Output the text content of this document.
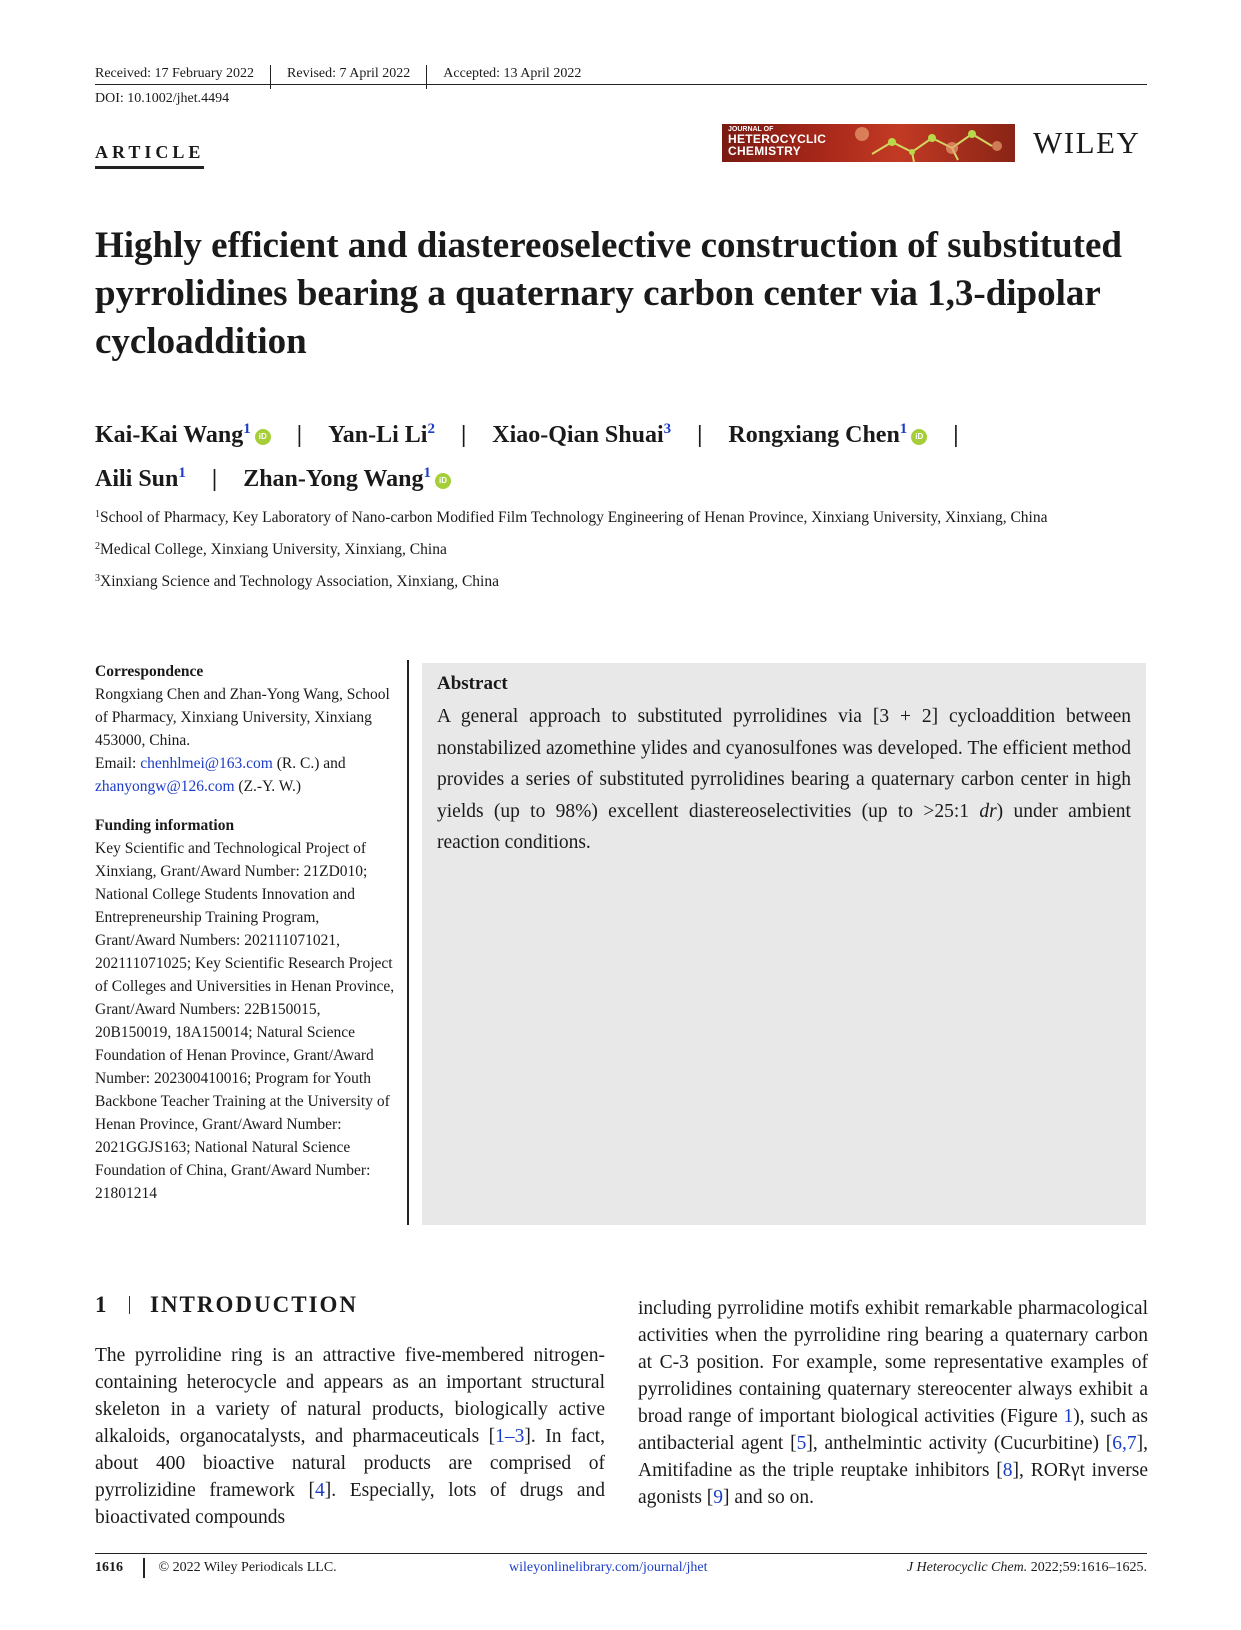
Received: 17 February 2022 Revised: 7 April 2022 Accepted: 13 April 2022
DOI: 10.1002/jhet.4494
ARTICLE
JOURNAL OF
HETEROCYCLIC
CHEMISTRY	WILEY
Highly efficient and diastereoselective construction of substituted pyrrolidines bearing a quaternary carbon center via 1,3-dipolar cycloaddition
Kai-Kai Wang$^1$ iD | Yan-Li Li$^2$ | Xiao-Qian Shuai$^3$ | Rongxiang Chen$^1$ iD |
Aili Sun$^1$ | Zhan-Yong Wang$^1$ iD

$^1$School of Pharmacy, Key Laboratory of Nano-carbon Modified Film Technology Engineering of Henan Province, Xinxiang University, Xinxiang, China

$^2$Medical College, Xinxiang University, Xinxiang, China

$^3$Xinxiang Science and Technology Association, Xinxiang, China

Correspondence
Rongxiang Chen and Zhan-Yong Wang, School of Pharmacy, Xinxiang University, Xinxiang 453000, China.
Email: chenhlmei@163.com (R. C.) and
zhanyongw@126.com (Z.-Y. W.)
Funding information
Key Scientific and Technological Project of Xinxiang, Grant/Award Number: 21ZD010; National College Students Innovation and Entrepreneurship Training Program, Grant/Award Numbers: 202111071021, 202111071025; Key Scientific Research Project of Colleges and Universities in Henan Province, Grant/Award Numbers: 22B150015, 20B150019, 18A150014; Natural Science Foundation of Henan Province, Grant/Award Number: 202300410016; Program for Youth Backbone Teacher Training at the University of Henan Province, Grant/Award Number: 2021GGJS163; National Natural Science Foundation of China, Grant/Award Number: 21801214
Abstract

A general approach to substituted pyrrolidines via [3 + 2] cycloaddition between nonstabilized azomethine ylides and cyanosulfones was developed. The efficient method provides a series of substituted pyrrolidines bearing a quaternary carbon center in high yields (up to 98%) excellent diastereoselectivities (up to >25:1 dr) under ambient reaction conditions.

1 INTRODUCTION

The pyrrolidine ring is an attractive five-membered nitrogen-containing heterocycle and appears as an important structural skeleton in a variety of natural products, biologically active alkaloids, organocatalysts, and pharmaceuticals [1–3]. In fact, about 400 bioactive natural products are comprised of pyrrolizidine framework [4]. Especially, lots of drugs and bioactivated compounds

including pyrrolidine motifs exhibit remarkable pharmacological activities when the pyrrolidine ring bearing a quaternary carbon at C-3 position. For example, some representative examples of pyrrolidines containing quaternary stereocenter always exhibit a broad range of important biological activities (Figure 1), such as antibacterial agent [5], anthelmintic activity (Cucurbitine) [6,7], Amitifadine as the triple reuptake inhibitors [8], RORγt inverse agonists [9] and so on.

1616	© 2022 Wiley Periodicals LLC.	wileyonlinelibrary.com/journal/jhet	J Heterocyclic Chem. 2022;59:1616–1625.
